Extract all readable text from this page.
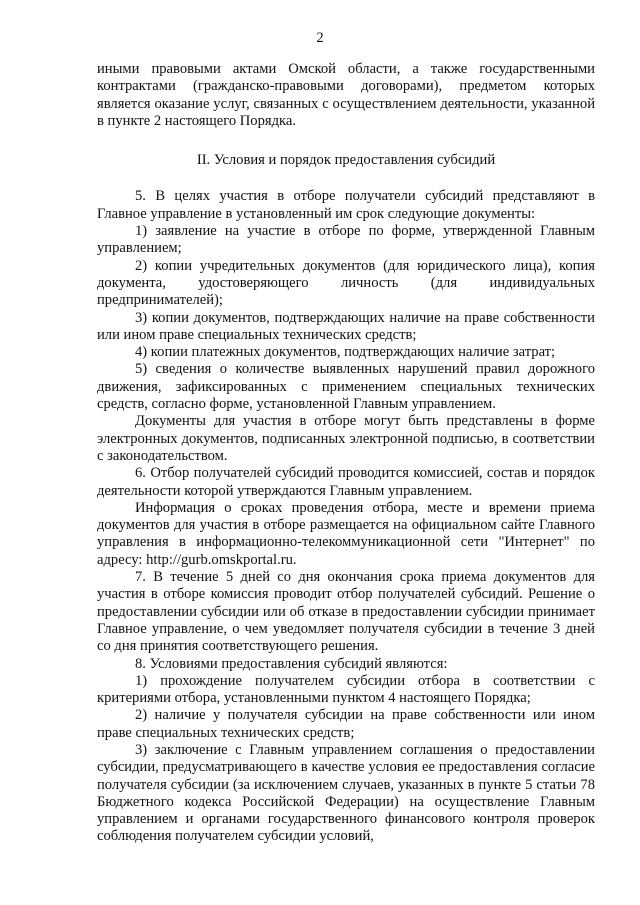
2

иными правовыми актами Омской области, а также государственными контрактами (гражданско-правовыми договорами), предметом которых является оказание услуг, связанных с осуществлением деятельности, указанной в пункте 2 настоящего Порядка.

II. Условия и порядок предоставления субсидий

5. В целях участия в отборе получатели субсидий представляют в Главное управление в установленный им срок следующие документы:

1) заявление на участие в отборе по форме, утвержденной Главным управлением;

2) копии учредительных документов (для юридического лица), копия документа, удостоверяющего личность (для индивидуальных предпринимателей);

3) копии документов, подтверждающих наличие на праве собственности или ином праве специальных технических средств;

4) копии платежных документов, подтверждающих наличие затрат;

5) сведения о количестве выявленных нарушений правил дорожного движения, зафиксированных с применением специальных технических средств, согласно форме, установленной Главным управлением.

Документы для участия в отборе могут быть представлены в форме электронных документов, подписанных электронной подписью, в соответствии с законодательством.

6. Отбор получателей субсидий проводится комиссией, состав и порядок деятельности которой утверждаются Главным управлением.

Информация о сроках проведения отбора, месте и времени приема документов для участия в отборе размещается на официальном сайте Главного управления в информационно-телекоммуникационной сети "Интернет" по адресу: http://gurb.omskportal.ru.

7. В течение 5 дней со дня окончания срока приема документов для участия в отборе комиссия проводит отбор получателей субсидий. Решение о предоставлении субсидии или об отказе в предоставлении субсидии принимает Главное управление, о чем уведомляет получателя субсидии в течение 3 дней со дня принятия соответствующего решения.

8. Условиями предоставления субсидий являются:

1) прохождение получателем субсидии отбора в соответствии с критериями отбора, установленными пунктом 4 настоящего Порядка;

2) наличие у получателя субсидии на праве собственности или ином праве специальных технических средств;

3) заключение с Главным управлением соглашения о предоставлении субсидии, предусматривающего в качестве условия ее предоставления согласие получателя субсидии (за исключением случаев, указанных в пункте 5 статьи 78 Бюджетного кодекса Российской Федерации) на осуществление Главным управлением и органами государственного финансового контроля проверок соблюдения получателем субсидии условий,
